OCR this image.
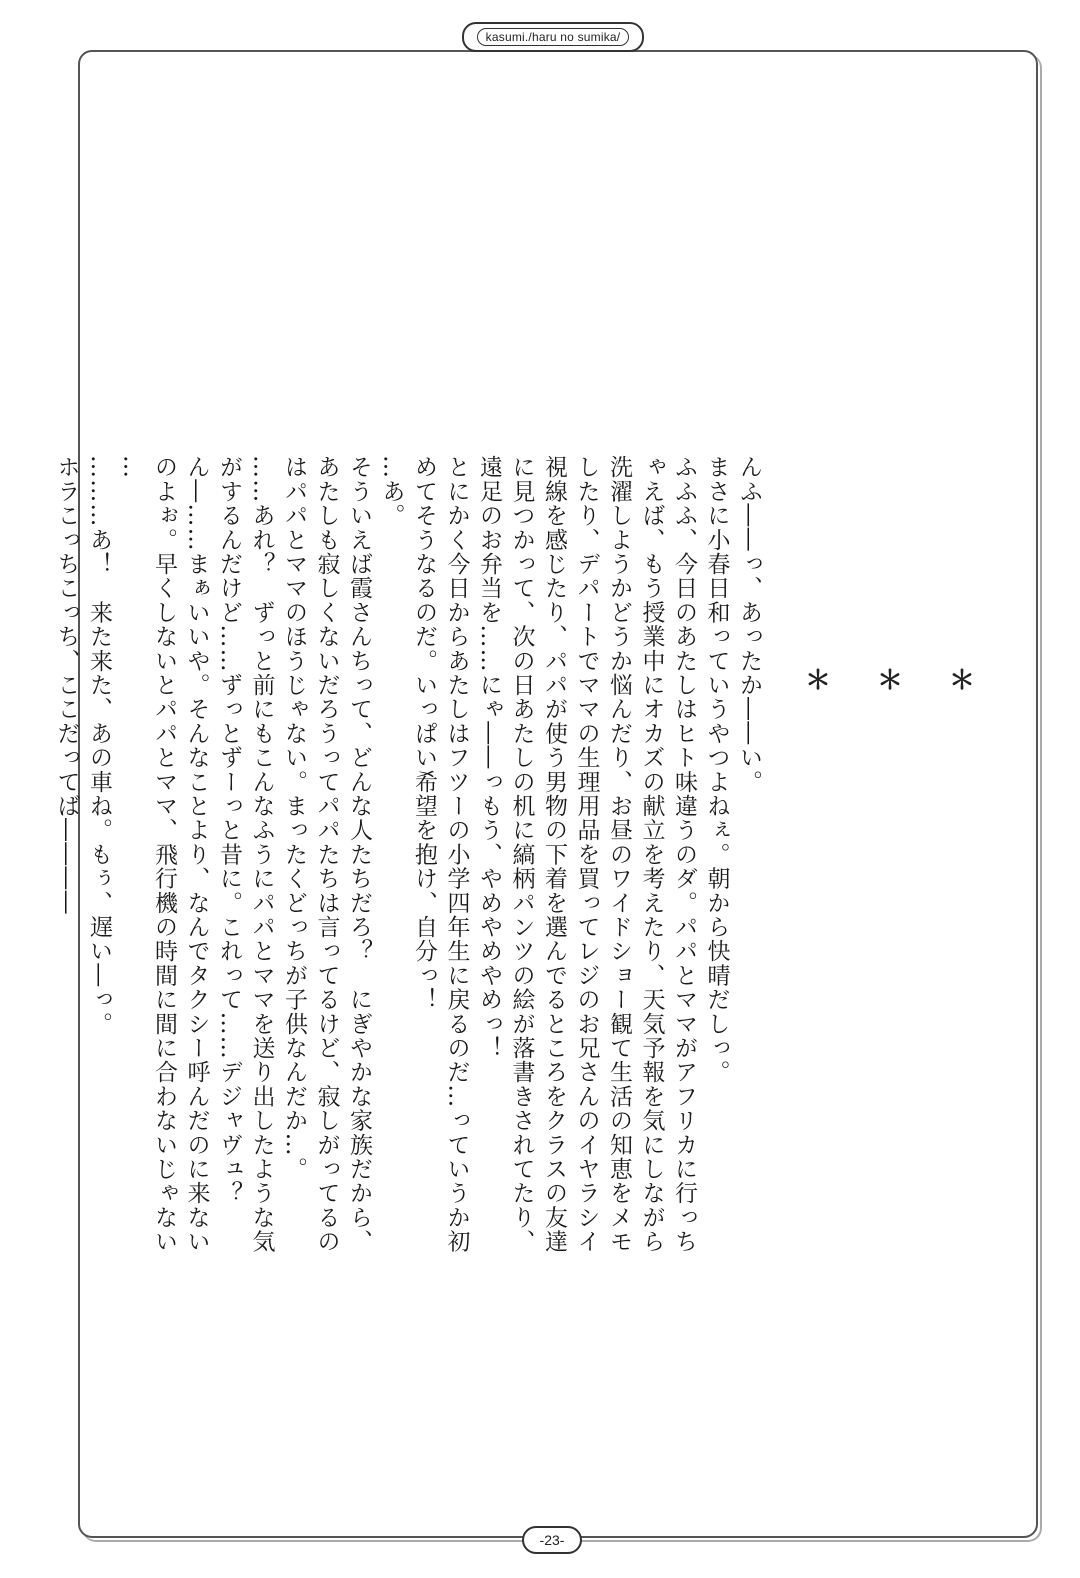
kasumi./haru no sumika/
＊ ＊ ＊

んふ――っ、あったか――い。

まさに小春日和っていうやつよねぇ。朝から快晴だしっ。

ふふふ、今日のあたしはヒト味違うのダ。パパとママがアフリカに行っち
ゃえば、もう授業中にオカズの献立を考えたり、天気予報を気にしながら
洗濯しようかどうか悩んだり、お昼のワイドショー観て生活の知恵をメモ
したり、デパートでママの生理用品を買ってレジのお兄さんのイヤラシイ
視線を感じたり、パパが使う男物の下着を選んでるところをクラスの友達
に見つかって、次の日あたしの机に縞柄パンツの絵が落書きされてたり、
遠足のお弁当を……にゃ――っもう、やめやめやめっ！

とにかく今日からあたしはフツーの小学四年生に戻るのだ…っていうか初
めてそうなるのだ。いっぱい希望を抱け、自分っ！

…あ。

そういえば霞さんちって、どんな人たちだろ？　にぎやかな家族だから、
あたしも寂しくないだろうってパパたちは言ってるけど、寂しがってるの
はパパとママのほうじゃない。まったくどっちが子供なんだか…。

……あれ？　ずっと前にもこんなふうにパパとママを送り出したような気
がするんだけど……ずっとずーっと昔に。これって……デジャヴュ？

ん―……まぁいいや。そんなことより、なんでタクシー呼んだのに来ない
のよぉ。早くしないとパパとママ、飛行機の時間に間に合わないじゃない
…

………あ！　来た来た、あの車ね。もぅ、遅い―っ。

ホラこっちこっち、ここだってば――――

-23-
